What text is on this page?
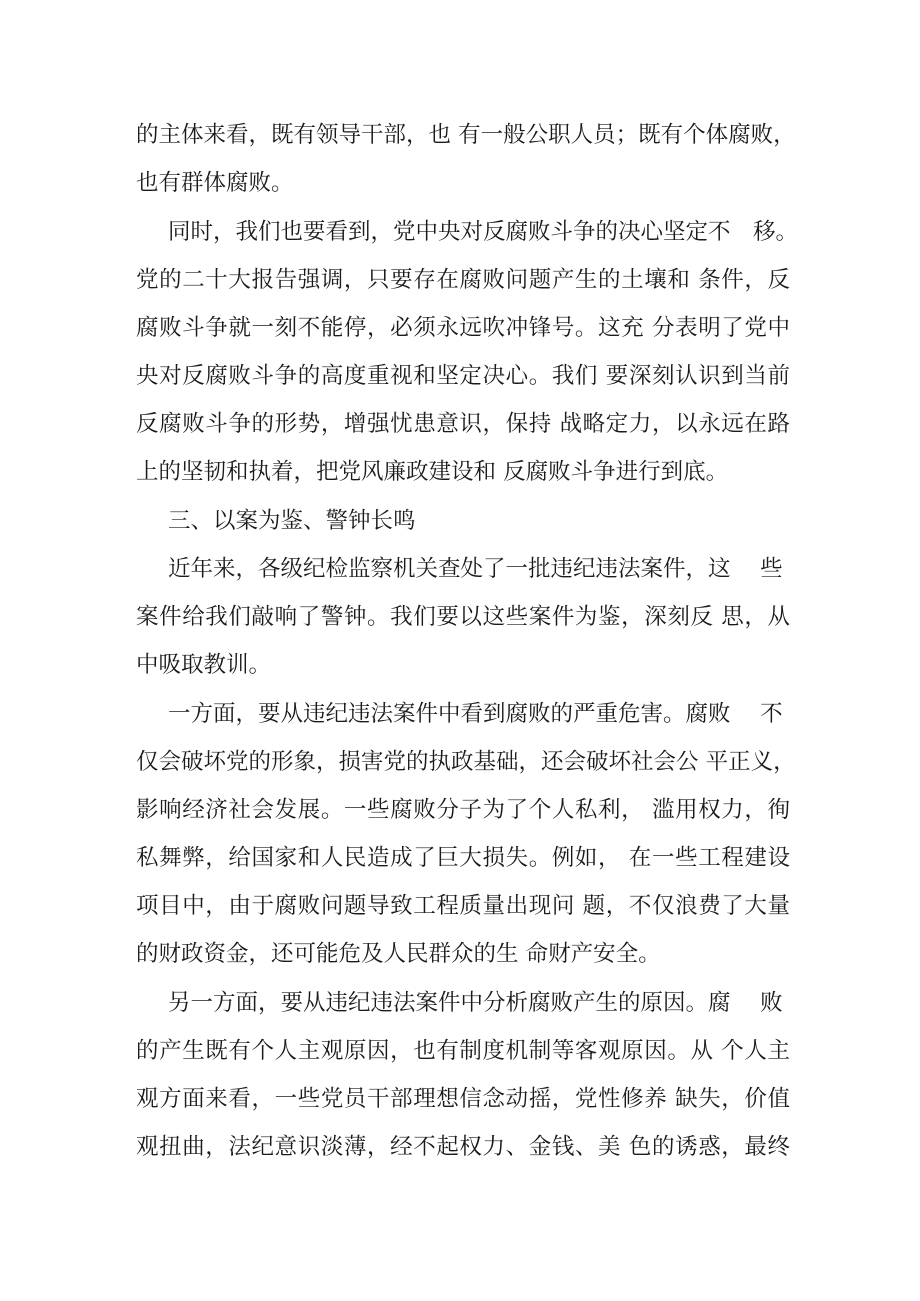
的主体来看，既有领导干部，也 有一般公职人员；既有个体腐败，

也有群体腐败。

同时，我们也要看到，党中央对反腐败斗争的决心坚定不　移。

党的二十大报告强调，只要存在腐败问题产生的土壤和 条件，反

腐败斗争就一刻不能停，必须永远吹冲锋号。这充 分表明了党中

央对反腐败斗争的高度重视和坚定决心。我们 要深刻认识到当前

反腐败斗争的形势，增强忧患意识，保持 战略定力，以永远在路

上的坚韧和执着，把党风廉政建设和 反腐败斗争进行到底。

三、以案为鉴、警钟长鸣

近年来，各级纪检监察机关查处了一批违纪违法案件，这　 些

案件给我们敲响了警钟。我们要以这些案件为鉴，深刻反 思，从

中吸取教训。

一方面，要从违纪违法案件中看到腐败的严重危害。腐败　 不

仅会破坏党的形象，损害党的执政基础，还会破坏社会公 平正义，

影响经济社会发展。一些腐败分子为了个人私利， 滥用权力，徇

私舞弊，给国家和人民造成了巨大损失。例如， 在一些工程建设

项目中，由于腐败问题导致工程质量出现问 题，不仅浪费了大量

的财政资金，还可能危及人民群众的生 命财产安全。

另一方面，要从违纪违法案件中分析腐败产生的原因。腐　 败

的产生既有个人主观原因，也有制度机制等客观原因。从 个人主

观方面来看，一些党员干部理想信念动摇，党性修养 缺失，价值

观扭曲，法纪意识淡薄，经不起权力、金钱、美 色的诱惑，最终
